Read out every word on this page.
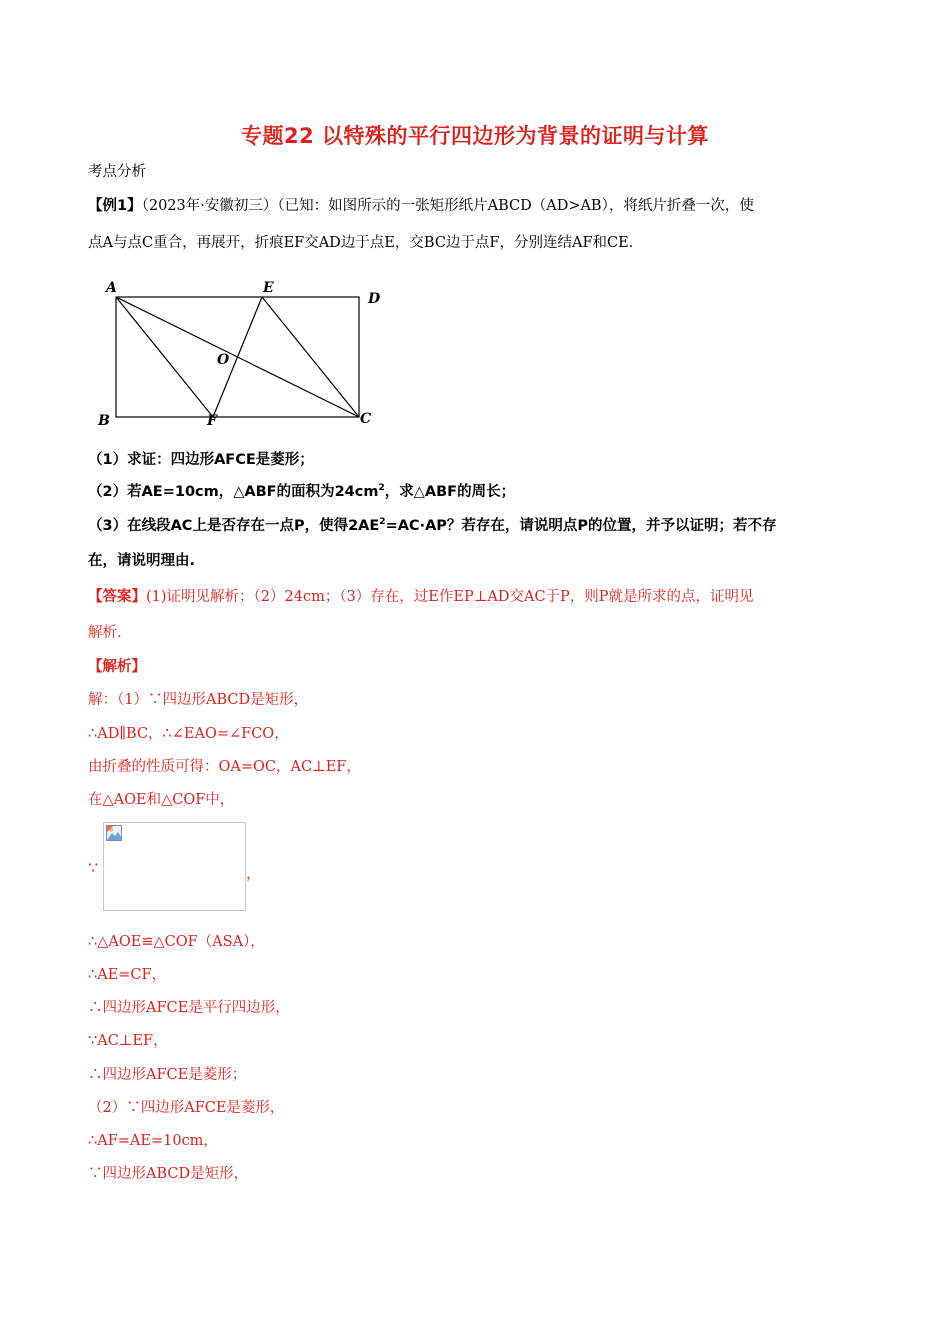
专题22 以特殊的平行四边形为背景的证明与计算
考点分析
【例1】（2023年·安徽初三）（已知：如图所示的一张矩形纸片ABCD（AD>AB），将纸片折叠一次，使
点A与点C重合，再展开，折痕EF交AD边于点E，交BC边于点F，分别连结AF和CE.
A	E
D
O
B	F	C
（1）求证：四边形AFCE是菱形；
（2）若AE=10cm，△ABF的面积为$24cm^2$，求△ABF的周长；
（3）在线段AC上是否存在一点P，使得$2AE^2=AC\cdot AP$？若存在，请说明点P的位置，并予以证明；若不存
在，请说明理由.
【答案】(1)证明见解析；（2）24cm；（3）存在，过E作EP⊥AD交AC于P，则P就是所求的点，证明见
解析.
【解析】
解：（1）∵四边形ABCD是矩形，
∴AD∥BC，∴∠EAO=∠FCO，
由折叠的性质可得：OA=OC，AC⊥EF，
在△AOE和△COF中，
∵	，
∴△AOE≌△COF（ASA），
∴AE=CF，
∴四边形AFCE是平行四边形，
∵AC⊥EF，
∴四边形AFCE是菱形；
（2）∵四边形AFCE是菱形，
∴AF=AE=10cm，
∵四边形ABCD是矩形，
